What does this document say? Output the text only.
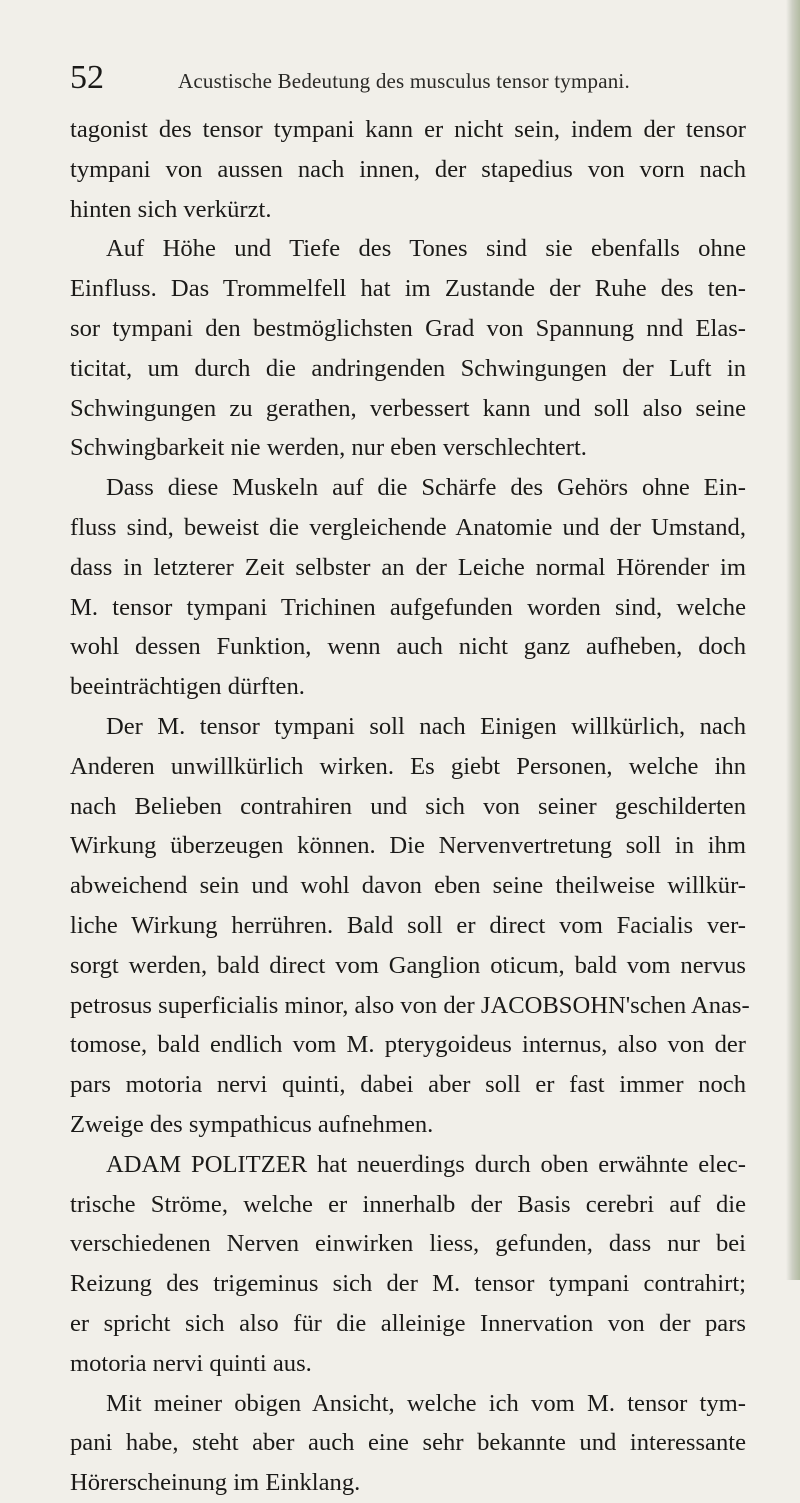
52	Acustische Bedeutung des musculus tensor tympani.
tagonist des tensor tympani kann er nicht sein, indem der tensor
tympani von aussen nach innen, der stapedius von vorn nach
hinten sich verkürzt.
Auf Höhe und Tiefe des Tones sind sie ebenfalls ohne
Einfluss. Das Trommelfell hat im Zustande der Ruhe des ten-
sor tympani den bestmöglichsten Grad von Spannung nnd Elas-
ticitat, um durch die andringenden Schwingungen der Luft in
Schwingungen zu gerathen, verbessert kann und soll also seine
Schwingbarkeit nie werden, nur eben verschlechtert.
Dass diese Muskeln auf die Schärfe des Gehörs ohne Ein-
fluss sind, beweist die vergleichende Anatomie und der Umstand,
dass in letzterer Zeit selbster an der Leiche normal Hörender im
M. tensor tympani Trichinen aufgefunden worden sind, welche
wohl dessen Funktion, wenn auch nicht ganz aufheben, doch
beeinträchtigen dürften.
Der M. tensor tympani soll nach Einigen willkürlich, nach
Anderen unwillkürlich wirken. Es giebt Personen, welche ihn
nach Belieben contrahiren und sich von seiner geschilderten
Wirkung überzeugen können. Die Nervenvertretung soll in ihm
abweichend sein und wohl davon eben seine theilweise willkür-
liche Wirkung herrühren. Bald soll er direct vom Facialis ver-
sorgt werden, bald direct vom Ganglion oticum, bald vom nervus
petrosus superficialis minor, also von der JACOBSOHN'schen Anas-
tomose, bald endlich vom M. pterygoideus internus, also von der
pars motoria nervi quinti, dabei aber soll er fast immer noch
Zweige des sympathicus aufnehmen.
ADAM POLITZER hat neuerdings durch oben erwähnte elec-
trische Ströme, welche er innerhalb der Basis cerebri auf die
verschiedenen Nerven einwirken liess, gefunden, dass nur bei
Reizung des trigeminus sich der M. tensor tympani contrahirt;
er spricht sich also für die alleinige Innervation von der pars
motoria nervi quinti aus.
Mit meiner obigen Ansicht, welche ich vom M. tensor tym-
pani habe, steht aber auch eine sehr bekannte und interessante
Hörerscheinung im Einklang.
